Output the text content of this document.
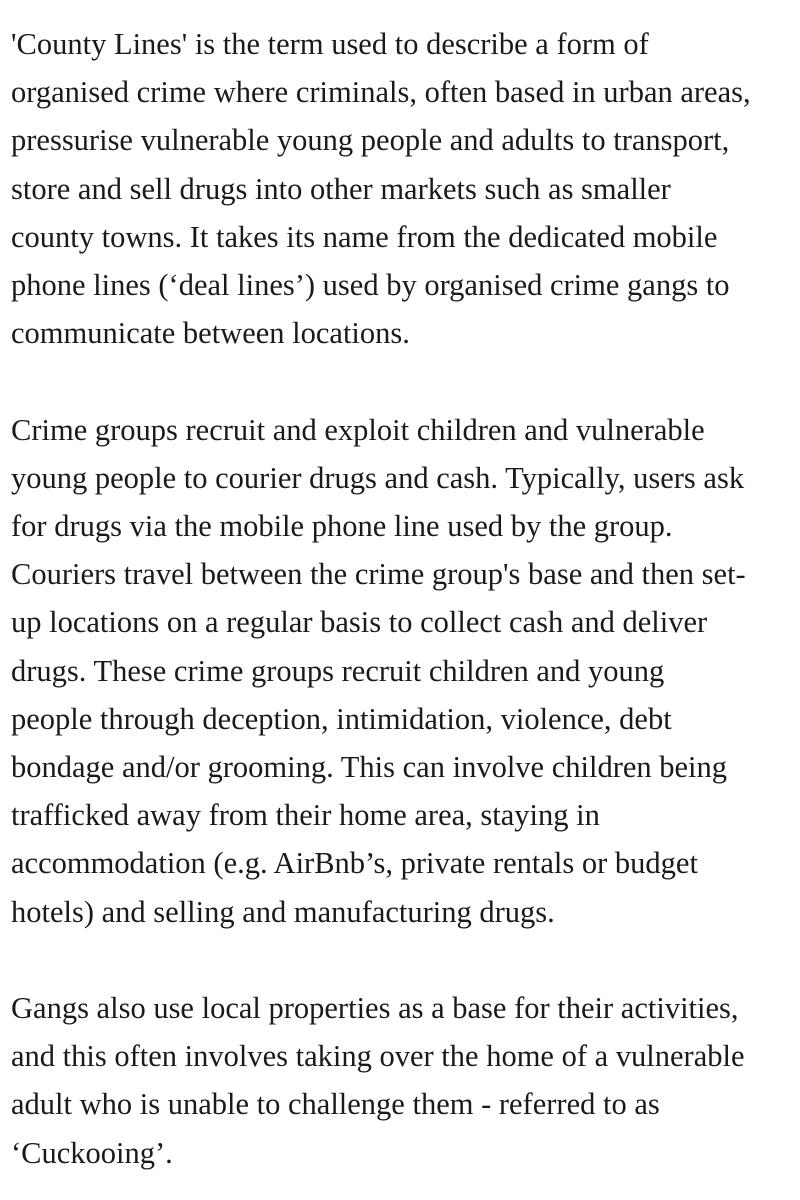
'County Lines' is the term used to describe a form of
organised crime where criminals, often based in urban areas,
pressurise vulnerable young people and adults to transport,
store and sell drugs into other markets such as smaller
county towns. It takes its name from the dedicated mobile
phone lines (‘deal lines’) used by organised crime gangs to
communicate between locations.

Crime groups recruit and exploit children and vulnerable
young people to courier drugs and cash. Typically, users ask
for drugs via the mobile phone line used by the group.
Couriers travel between the crime group's base and then set-
up locations on a regular basis to collect cash and deliver
drugs. These crime groups recruit children and young
people through deception, intimidation, violence, debt
bondage and/or grooming. This can involve children being
trafficked away from their home area, staying in
accommodation (e.g. AirBnb’s, private rentals or budget
hotels) and selling and manufacturing drugs.

Gangs also use local properties as a base for their activities,
and this often involves taking over the home of a vulnerable
adult who is unable to challenge them - referred to as
‘Cuckooing’.
